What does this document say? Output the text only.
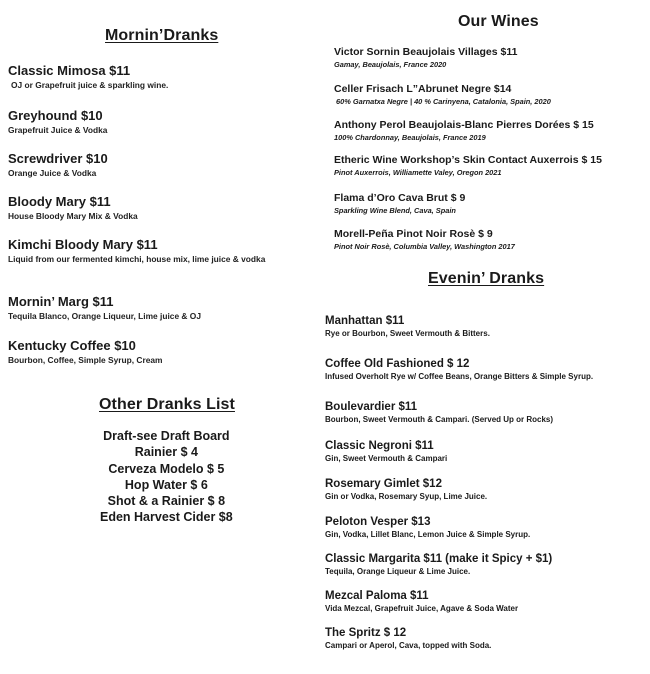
Mornin’Dranks
Classic Mimosa $11
OJ or Grapefruit juice & sparkling wine.
Greyhound $10
Grapefruit Juice & Vodka
Screwdriver $10
Orange Juice & Vodka
Bloody Mary $11
House Bloody Mary Mix & Vodka
Kimchi Bloody Mary $11
Liquid from our fermented kimchi, house mix, lime juice & vodka
Mornin’ Marg $11
Tequila Blanco, Orange Liqueur, Lime juice & OJ
Kentucky Coffee $10
Bourbon, Coffee, Simple Syrup, Cream
Other Dranks List
Draft-see Draft Board
Rainier $ 4
Cerveza Modelo $ 5
Hop Water $ 6
Shot & a Rainier $ 8
Eden Harvest Cider $8
Our Wines
Victor Sornin Beaujolais Villages $11
Gamay, Beaujolais, France 2020
Celler Frisach L”Abrunet Negre $14
60% Garnatxa Negre | 40 % Carinyena, Catalonia, Spain, 2020
Anthony Perol Beaujolais-Blanc Pierres Dorées $ 15
100% Chardonnay, Beaujolais, France 2019
Etheric Wine Workshop’s Skin Contact Auxerrois $ 15
Pinot Auxerrois, Williamette Valey, Oregon 2021
Flama d’Oro Cava Brut $ 9
Sparkling Wine Blend, Cava, Spain
Morell-Peña Pinot Noir Rosè $ 9
Pinot Noir Rosè, Columbia Valley, Washington 2017
Evenin’ Dranks
Manhattan $11
Rye or Bourbon, Sweet Vermouth & Bitters.
Coffee Old Fashioned $ 12
Infused Overholt Rye w/ Coffee Beans, Orange Bitters & Simple Syrup.
Boulevardier $11
Bourbon, Sweet Vermouth & Campari. (Served Up or Rocks)
Classic Negroni $11
Gin, Sweet Vermouth & Campari
Rosemary Gimlet $12
Gin or Vodka, Rosemary Syup, Lime Juice.
Peloton Vesper $13
Gin, Vodka, Lillet Blanc, Lemon Juice & Simple Syrup.
Classic Margarita $11 (make it Spicy + $1)
Tequila, Orange Liqueur & Lime Juice.
Mezcal Paloma $11
Vida Mezcal, Grapefruit Juice, Agave & Soda Water
The Spritz $ 12
Campari or Aperol, Cava, topped with Soda.
